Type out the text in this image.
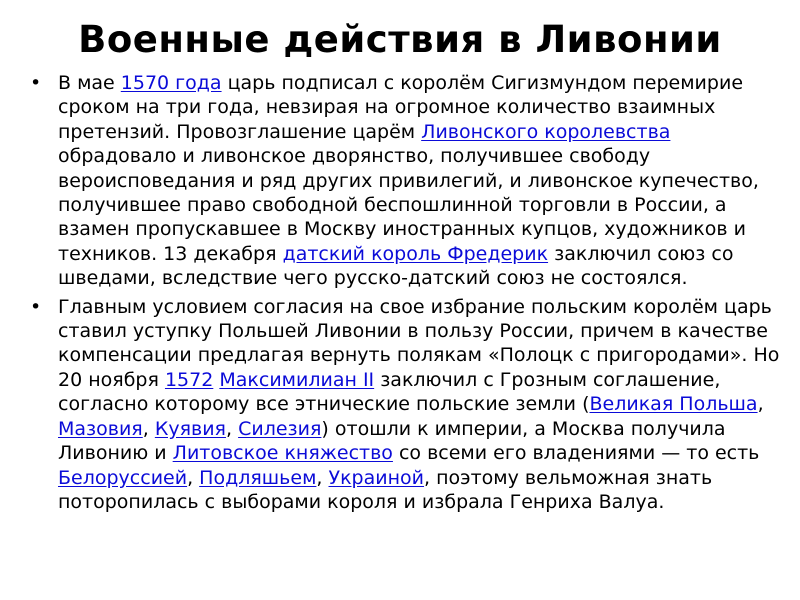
Военные действия в Ливонии
• В мае 1570 года царь подписал с королём Сигизмундом перемирие сроком на три года, невзирая на огромное количество взаимных претензий. Провозглашение царём Ливонского королевства обрадовало и ливонское дворянство, получившее свободу вероисповедания и ряд других привилегий, и ливонское купечество, получившее право свободной беспошлинной торговли в России, а взамен пропускавшее в Москву иностранных купцов, художников и техников. 13 декабря датский король Фредерик заключил союз со шведами, вследствие чего русско-датский союз не состоялся.
• Главным условием согласия на свое избрание польским королём царь ставил уступку Польшей Ливонии в пользу России, причем в качестве компенсации предлагая вернуть полякам «Полоцк с пригородами». Но 20 ноября 1572 Максимилиан II заключил с Грозным соглашение, согласно которому все этнические польские земли (Великая Польша, Мазовия, Куявия, Силезия) отошли к империи, а Москва получила Ливонию и Литовское княжество со всеми его владениями — то есть Белоруссией, Подляшьем, Украиной, поэтому вельможная знать поторопилась с выборами короля и избрала Генриха Валуа.
